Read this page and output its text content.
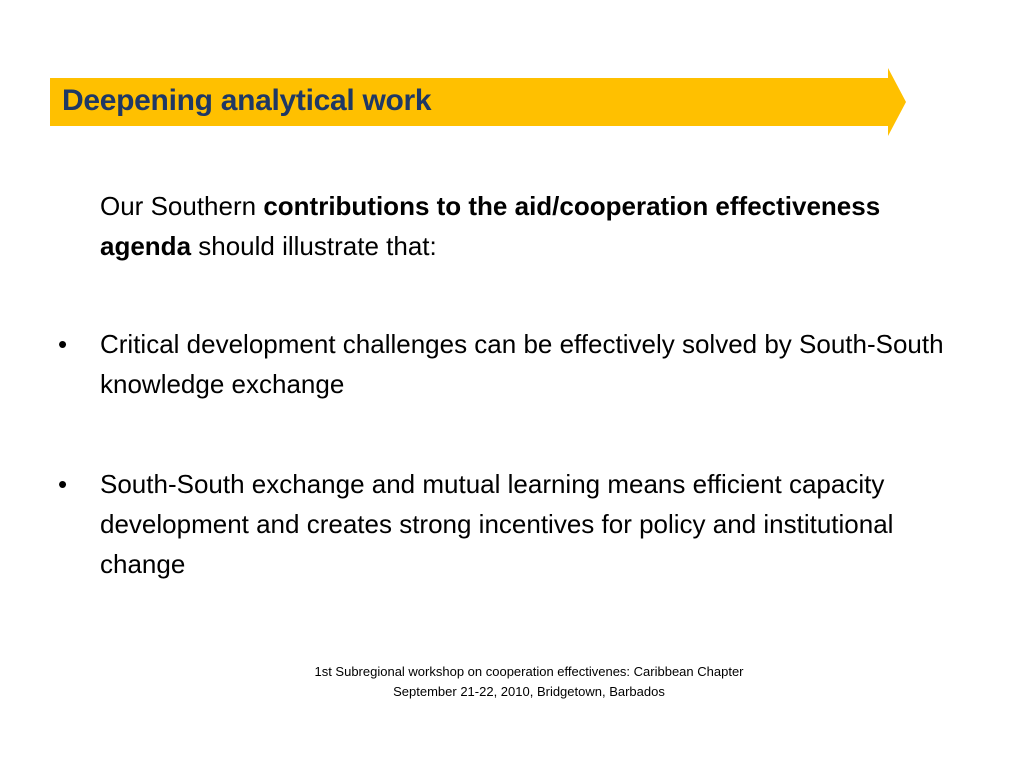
Deepening analytical work
Our Southern contributions to the aid/cooperation effectiveness agenda should illustrate that:
• Critical development challenges can be effectively solved by South-South knowledge exchange
• South-South exchange and mutual learning means efficient capacity development and creates strong incentives for policy and institutional change
1st Subregional workshop on cooperation effectivenes: Caribbean Chapter
September 21-22, 2010, Bridgetown, Barbados
